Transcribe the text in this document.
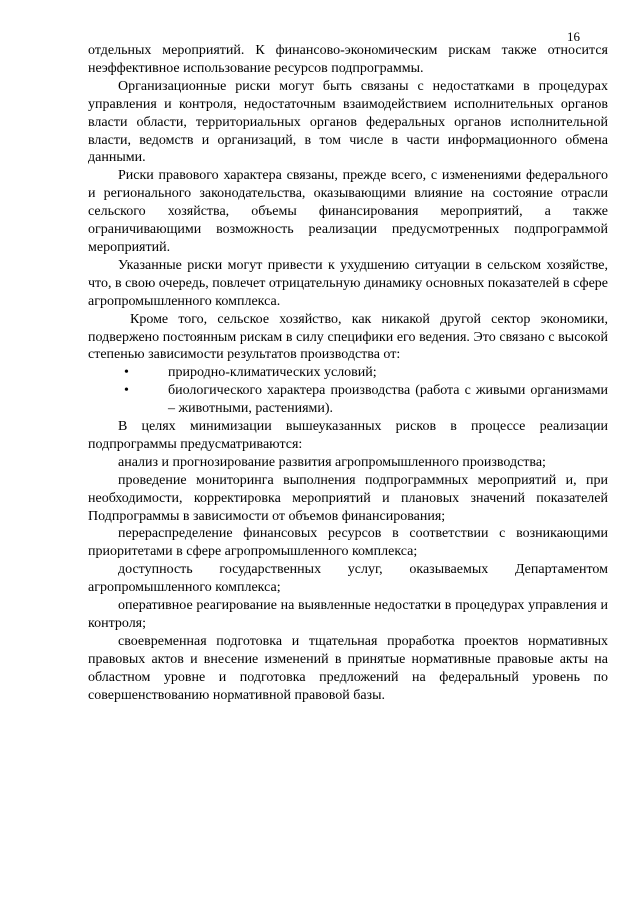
16

отдельных мероприятий. К финансово-экономическим рискам также относится неэффективное использование ресурсов подпрограммы.

Организационные риски могут быть связаны с недостатками в процедурах управления и контроля, недостаточным взаимодействием исполнительных органов власти области, территориальных органов федеральных органов исполнительной власти, ведомств и организаций, в том числе в части информационного обмена данными.

Риски правового характера связаны, прежде всего, с изменениями федерального и регионального законодательства, оказывающими влияние на состояние отрасли сельского хозяйства, объемы финансирования мероприятий, а также ограничивающими возможность реализации предусмотренных подпрограммой мероприятий.

Указанные риски могут привести к ухудшению ситуации в сельском хозяйстве, что, в свою очередь, повлечет отрицательную динамику основных показателей в сфере агропромышленного комплекса.

Кроме того, сельское хозяйство, как никакой другой сектор экономики, подвержено постоянным рискам в силу специфики его ведения. Это связано с высокой степенью зависимости результатов производства от:

•	природно-климатических условий;
•	биологического характера производства (работа с живыми организмами – животными, растениями).

В целях минимизации вышеуказанных рисков в процессе реализации подпрограммы предусматриваются:

анализ и прогнозирование развития агропромышленного производства;

проведение мониторинга выполнения подпрограммных мероприятий и, при необходимости, корректировка мероприятий и плановых значений показателей Подпрограммы в зависимости от объемов финансирования;

перераспределение финансовых ресурсов в соответствии с возникающими приоритетами в сфере агропромышленного комплекса;

доступность государственных услуг, оказываемых Департаментом агропромышленного комплекса;

оперативное реагирование на выявленные недостатки в процедурах управления и контроля;

своевременная подготовка и тщательная проработка проектов нормативных правовых актов и внесение изменений в принятые нормативные правовые акты на областном уровне и подготовка предложений на федеральный уровень по совершенствованию нормативной правовой базы.
